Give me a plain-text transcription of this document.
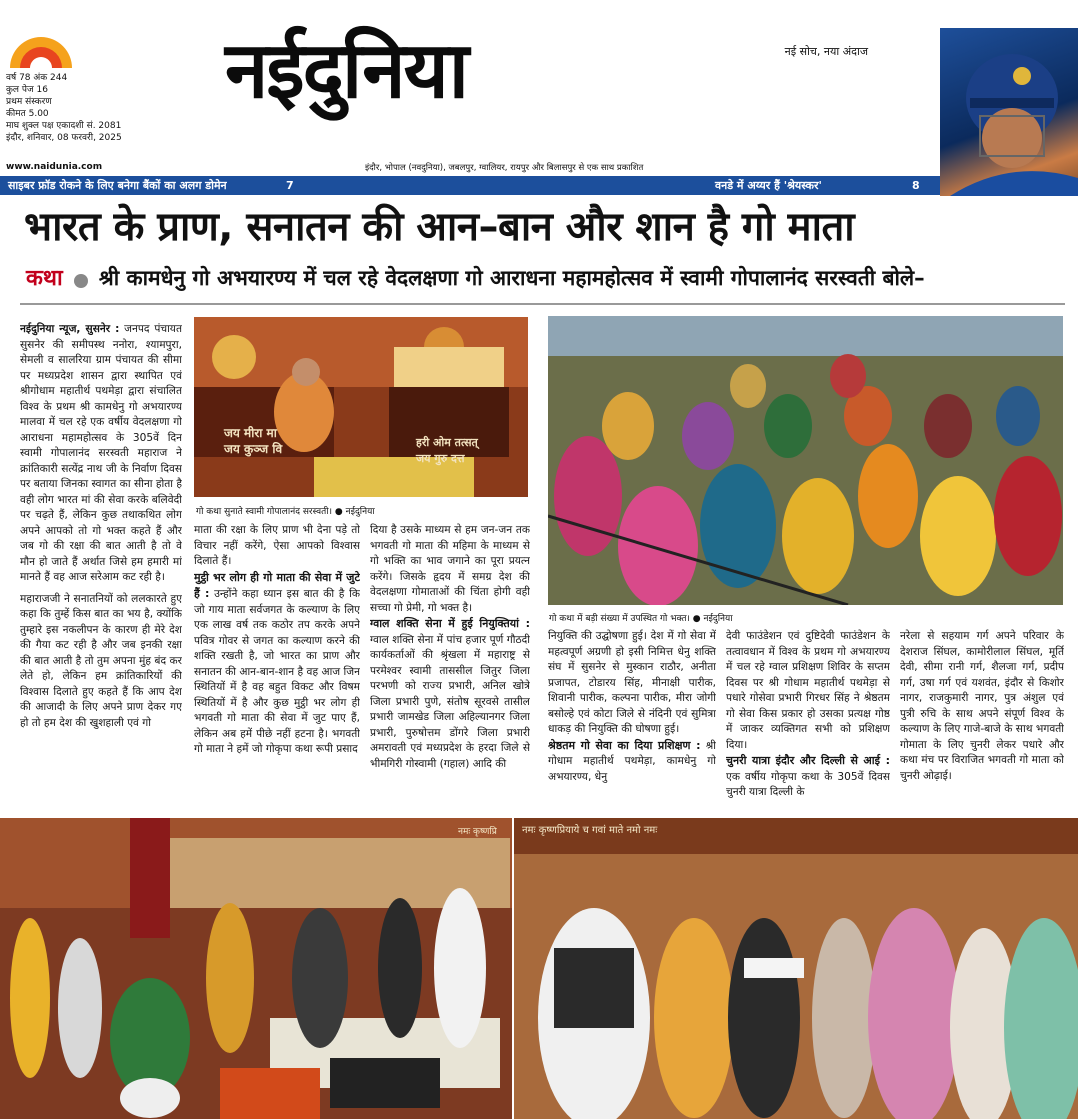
वर्ष 78 अंक 244
कुल पेज 16
प्रथम संस्करण
कीमत 5.00
माघ शुक्ल पक्ष एकादशी सं. 2081
इंदौर, शनिवार, 08 फरवरी, 2025
www.naidunia.com
नईदुनिया	नई सोच, नया अंदाज
इंदौर, भोपाल (नवदुनिया), जबलपुर, ग्वालियर, रायपुर और बिलासपुर से एक साथ प्रकाशित
साइबर फ्रॉड रोकने के लिए बनेगा बैंकों का अलग डोमेन	7	वनडे में अय्यर हैं 'श्रेयस्कर'	8
भारत के प्राण, सनातन की आन–बान और शान है गो माता
कथा श्री कामधेनु गो अभयारण्य में चल रहे वेदलक्षणा गो आराधना महामहोत्सव में स्वामी गोपालानंद सरस्वती बोले–
जय मीरा मा
जय कुञ्ज वि	हरी ओम तत्सत्
जय गुरु दत्त
गो कथा सुनाते स्वामी गोपालानंद सरस्वती। ● नईदुनिया
गो कथा में बड़ी संख्या में उपस्थित गो भक्त। ● नईदुनिया
नईदुनिया न्यूज, सुसनेर : जनपद पंचायत सुसनेर की समीपस्थ ननोरा, श्यामपुरा, सेमली व सालरिया ग्राम पंचायत की सीमा पर मध्यप्रदेश शासन द्वारा स्थापित एवं श्रीगोधाम महातीर्थ पथमेड़ा द्वारा संचालित विश्व के प्रथम श्री कामधेनु गो अभयारण्य मालवा में चल रहे एक वर्षीय वेदलक्षणा गो आराधना महामहोत्सव के 305वें दिन स्वामी गोपालानंद सरस्वती महाराज ने क्रांतिकारी सत्येंद्र नाथ जी के निर्वाण दिवस पर बताया जिनका स्वागत का सीना होता है वही लोग भारत मां की सेवा करके बलिवेदी पर चढ़ते हैं, लेकिन कुछ तथाकथित लोग अपने आपको तो गो भक्त कहते हैं और जब गो की रक्षा की बात आती है तो वे मौन हो जाते हैं अर्थात जिसे हम हमारी मां मानते हैं वह आज सरेआम कट रही है।
महाराजजी ने सनातनियों को ललकारते हुए कहा कि तुम्हें किस बात का भय है, क्योंकि तुम्हारे इस नकलीपन के कारण ही मेरे देश की गैया कट रही है और जब इनकी रक्षा की बात आती है तो तुम अपना मुंह बंद कर लेते हो, लेकिन हम क्रांतिकारियों की विश्वास दिलाते हुए कहते हैं कि आप देश की आजादी के लिए अपने प्राण देकर गए हो तो हम देश की खुशहाली एवं गो
माता की रक्षा के लिए प्राण भी देना पड़े तो विचार नहीं करेंगे, ऐसा आपको विश्वास दिलाते हैं।
मुट्ठी भर लोग ही गो माता की सेवा में जुटे हैं : उन्होंने कहा ध्यान इस बात की है कि जो गाय माता सर्वजगत के कल्याण के लिए एक लाख वर्ष तक कठोर तप करके अपने पवित्र गोवर से जगत का कल्याण करने की शक्ति रखती है, जो भारत का प्राण और सनातन की आन-बान-शान है वह आज जिन स्थितियों में है वह बहुत विकट और विषम स्थितियों में है और कुछ मुट्ठी भर लोग ही भगवती गो माता की सेवा में जुट पाए हैं, लेकिन अब हमें पीछे नहीं हटना है। भगवती गो माता ने हमें जो गोकृपा कथा रूपी प्रसाद
दिया है उसके माध्यम से हम जन-जन तक भगवती गो माता की महिमा के माध्यम से गो भक्ति का भाव जगाने का पूरा प्रयत्न करेंगे। जिसके हृदय में समग्र देश की वेदलक्षणा गोमाताओं की चिंता होगी वही सच्चा गो प्रेमी, गो भक्त है।
ग्वाल शक्ति सेना में हुई नियुक्तियां : ग्वाल शक्ति सेना में पांच हजार पूर्ण गौठदी कार्यकर्ताओं की श्रृंखला में महाराष्ट्र से परमेश्वर स्वामी ताससील जितुर जिला परभणी को राज्य प्रभारी, अनिल खोत्रे जिला प्रभारी पुणे, संतोष सूरवसे तासील प्रभारी जामखेड जिला अहिल्यानगर जिला प्रभारी, पुरुषोत्तम डोंगरे जिला प्रभारी अमरावती एवं मध्यप्रदेश के हरदा जिले से भीमगिरी गोस्वामी (गहाल) आदि की
नियुक्ति की उद्घोषणा हुई। देश में गो सेवा में महत्वपूर्ण अग्रणी हो इसी निमित्त धेनु शक्ति संघ में सुसनेर से मुस्कान राठौर, अनीता प्रजापत, टोडारय सिंह, मीनाक्षी पारीक, शिवानी पारीक, कल्पना पारीक, मीरा जोगी बसोल्हे एवं कोटा जिले से नंदिनी एवं सुमित्रा धाकड़ की नियुक्ति की घोषणा हुई।
श्रेष्ठतम गो सेवा का दिया प्रशिक्षण : श्री गोधाम महातीर्थ पथमेड़ा, कामधेनु गो अभयारण्य, धेनु
देवी फाउंडेशन एवं दुष्टिदेवी फाउंडेशन के तत्वावधान में विश्व के प्रथम गो अभयारण्य में चल रहे ग्वाल प्रशिक्षण शिविर के सप्तम दिवस पर श्री गोधाम महातीर्थ पथमेड़ा से पधारे गोसेवा प्रभारी गिरधर सिंह ने श्रेष्ठतम गो सेवा किस प्रकार हो उसका प्रत्यक्ष गोष्ठ में जाकर व्यक्तिगत सभी को प्रशिक्षण दिया।
चुनरी यात्रा इंदौर और दिल्ली से आई : एक वर्षीय गोकृपा कथा के 305वें दिवस चुनरी यात्रा दिल्ली के
नरेला से सहयाम गर्ग अपने परिवार के देशराज सिंघल, कामोरीलाल सिंघल, मूर्ति देवी, सीमा रानी गर्ग, शैलजा गर्ग, प्रदीप गर्ग, उषा गर्ग एवं यशवंत, इंदौर से किशोर नागर, राजकुमारी नागर, पुत्र अंशुल एवं पुत्री रुचि के साथ अपने संपूर्ण विश्व के कल्याण के लिए गाजे-बाजे के साथ भगवती गोमाता के लिए चुनरी लेकर पधारे और कथा मंच पर विराजित भगवती गो माता को चुनरी ओढ़ाई।
नमः कृष्णप्रि	नमः कृष्णप्रियाये च गवां माते नमो नमः
